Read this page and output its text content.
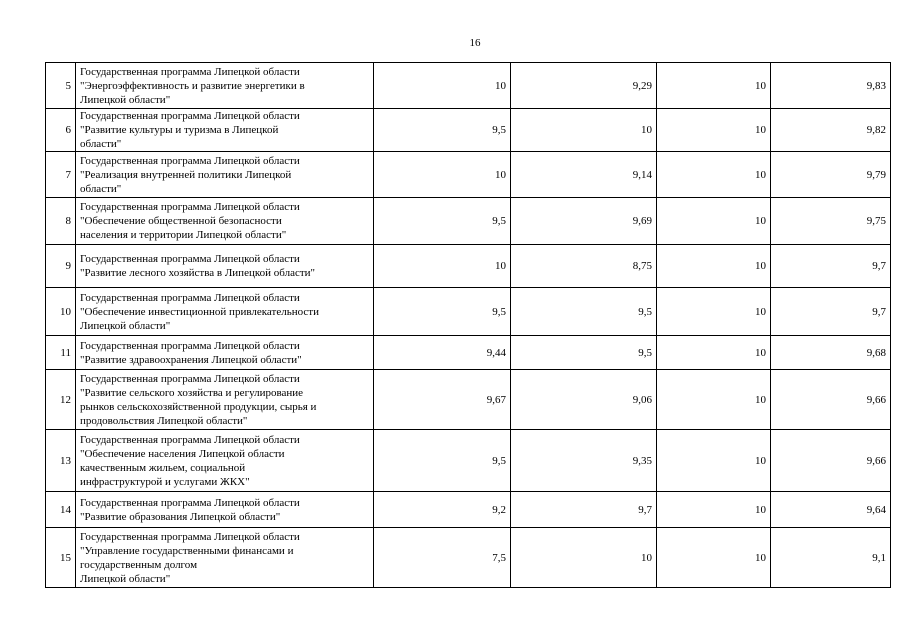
16
5	Государственная программа Липецкой области
"Энергоэффективность и развитие энергетики в
Липецкой области"	10	9,29	10	9,83
6	Государственная программа Липецкой области
"Развитие культуры и туризма в Липецкой
области"	9,5	10	10	9,82
7	Государственная программа Липецкой области
"Реализация внутренней политики Липецкой
области"	10	9,14	10	9,79
8	Государственная программа Липецкой области
"Обеспечение общественной безопасности
населения и территории Липецкой области"	9,5	9,69	10	9,75
9	Государственная программа Липецкой области
"Развитие лесного хозяйства в Липецкой области"	10	8,75	10	9,7
10	Государственная программа Липецкой области
"Обеспечение инвестиционной привлекательности
Липецкой области"	9,5	9,5	10	9,7
11	Государственная программа Липецкой области
"Развитие здравоохранения Липецкой области"	9,44	9,5	10	9,68
12	Государственная программа Липецкой области
"Развитие сельского хозяйства и регулирование
рынков сельскохозяйственной продукции, сырья и
продовольствия Липецкой области"	9,67	9,06	10	9,66
13	Государственная программа Липецкой области
"Обеспечение населения Липецкой области
качественным жильем, социальной
инфраструктурой и услугами ЖКХ"	9,5	9,35	10	9,66
14	Государственная программа Липецкой области
"Развитие образования Липецкой области"	9,2	9,7	10	9,64
15	Государственная программа Липецкой области
"Управление государственными финансами и
государственным долгом
Липецкой области"	7,5	10	10	9,1
